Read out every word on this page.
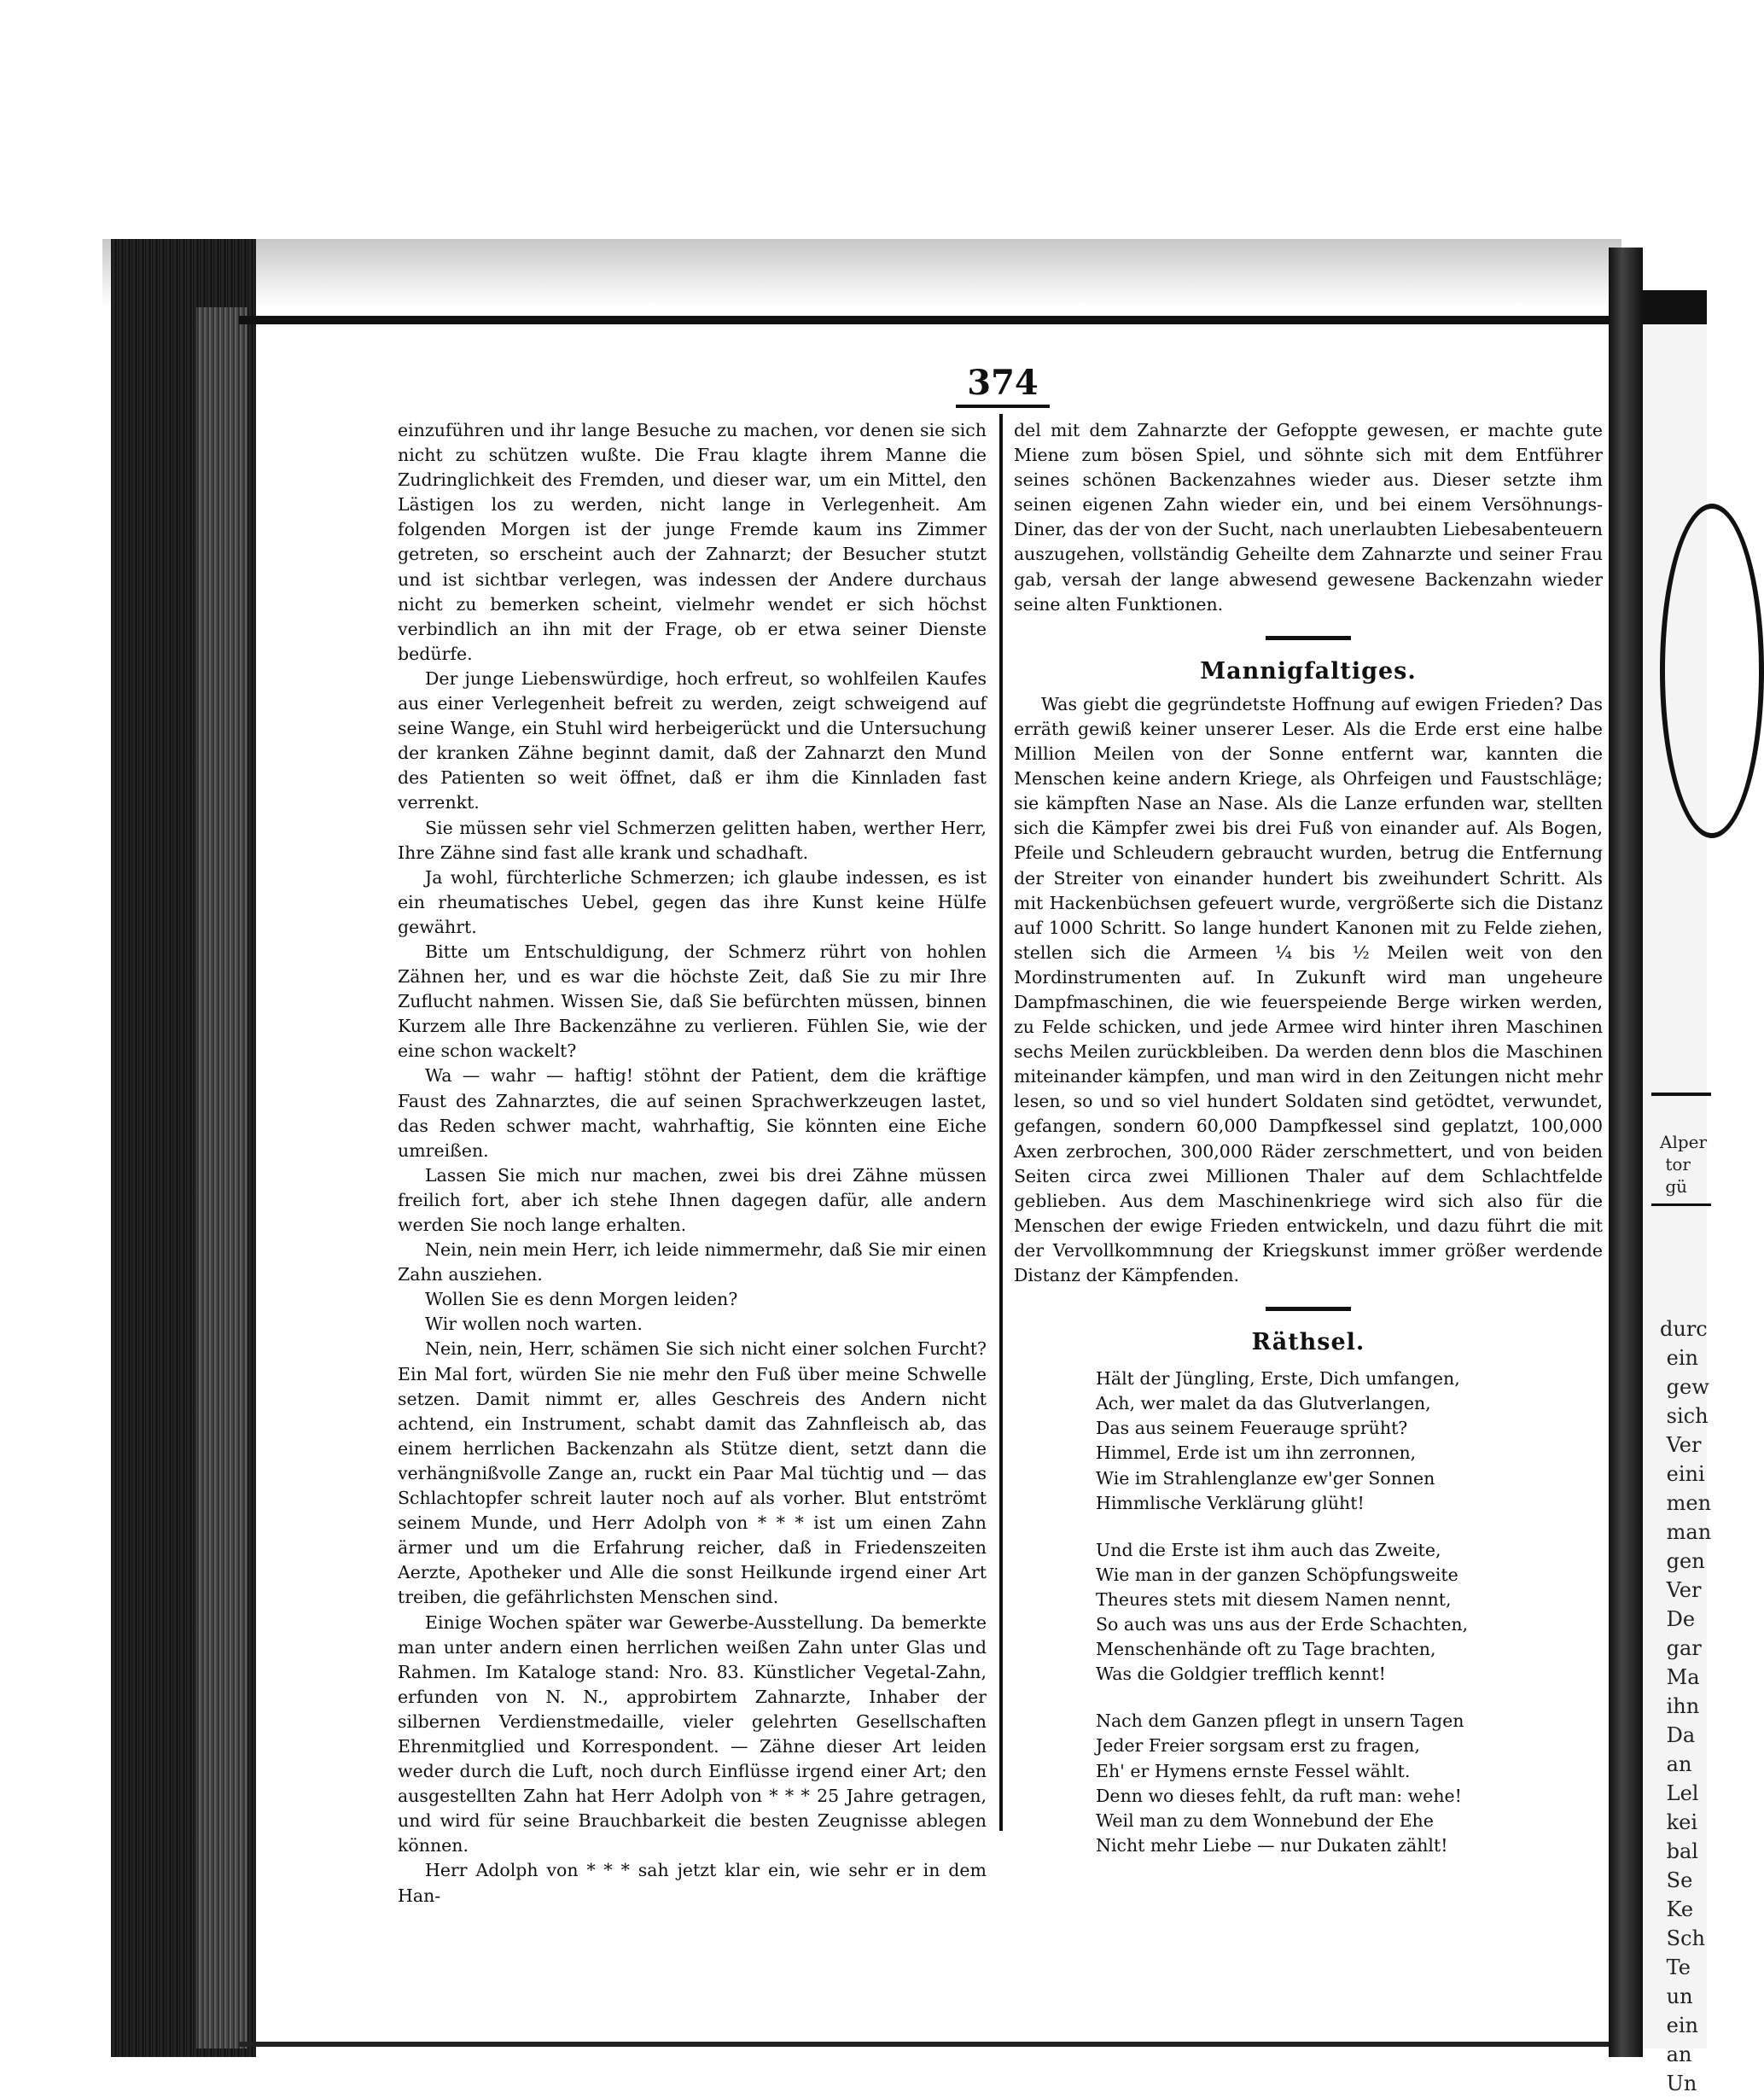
Alper
tor
gü
durc
ein
gew
sich
Ver
eini
men
man
gen
Ver
De
gar
Ma
ihn
Da
an
Lel
kei
bal
Se
Ke
Sch
Te
un
ein
an
Un
374

einzuführen und ihr lange Besuche zu machen, vor denen sie sich nicht zu schützen wußte. Die Frau klagte ihrem Manne die Zudringlichkeit des Fremden, und dieser war, um ein Mittel, den Lästigen los zu werden, nicht lange in Verlegenheit. Am folgenden Morgen ist der junge Fremde kaum ins Zimmer getreten, so erscheint auch der Zahnarzt; der Besucher stutzt und ist sichtbar verlegen, was indessen der Andere durchaus nicht zu bemerken scheint, vielmehr wendet er sich höchst verbindlich an ihn mit der Frage, ob er etwa seiner Dienste bedürfe.

Der junge Liebenswürdige, hoch erfreut, so wohlfeilen Kaufes aus einer Verlegenheit befreit zu werden, zeigt schweigend auf seine Wange, ein Stuhl wird herbeigerückt und die Untersuchung der kranken Zähne beginnt damit, daß der Zahnarzt den Mund des Patienten so weit öffnet, daß er ihm die Kinnladen fast verrenkt.

Sie müssen sehr viel Schmerzen gelitten haben, werther Herr, Ihre Zähne sind fast alle krank und schadhaft.

Ja wohl, fürchterliche Schmerzen; ich glaube indessen, es ist ein rheumatisches Uebel, gegen das ihre Kunst keine Hülfe gewährt.

Bitte um Entschuldigung, der Schmerz rührt von hohlen Zähnen her, und es war die höchste Zeit, daß Sie zu mir Ihre Zuflucht nahmen. Wissen Sie, daß Sie befürchten müssen, binnen Kurzem alle Ihre Backenzähne zu verlieren. Fühlen Sie, wie der eine schon wackelt?

Wa — wahr — haftig! stöhnt der Patient, dem die kräftige Faust des Zahnarztes, die auf seinen Sprachwerkzeugen lastet, das Reden schwer macht, wahrhaftig, Sie könnten eine Eiche umreißen.

Lassen Sie mich nur machen, zwei bis drei Zähne müssen freilich fort, aber ich stehe Ihnen dagegen dafür, alle andern werden Sie noch lange erhalten.

Nein, nein mein Herr, ich leide nimmermehr, daß Sie mir einen Zahn ausziehen.

Wollen Sie es denn Morgen leiden?

Wir wollen noch warten.

Nein, nein, Herr, schämen Sie sich nicht einer solchen Furcht? Ein Mal fort, würden Sie nie mehr den Fuß über meine Schwelle setzen. Damit nimmt er, alles Geschreis des Andern nicht achtend, ein Instrument, schabt damit das Zahnfleisch ab, das einem herrlichen Backenzahn als Stütze dient, setzt dann die verhängnißvolle Zange an, ruckt ein Paar Mal tüchtig und — das Schlachtopfer schreit lauter noch auf als vorher. Blut entströmt seinem Munde, und Herr Adolph von * * * ist um einen Zahn ärmer und um die Erfahrung reicher, daß in Friedenszeiten Aerzte, Apotheker und Alle die sonst Heilkunde irgend einer Art treiben, die gefährlichsten Menschen sind.

Einige Wochen später war Gewerbe-Ausstellung. Da bemerkte man unter andern einen herrlichen weißen Zahn unter Glas und Rahmen. Im Kataloge stand: Nro. 83. Künstlicher Vegetal-Zahn, erfunden von N. N., approbirtem Zahnarzte, Inhaber der silbernen Verdienstmedaille, vieler gelehrten Gesellschaften Ehrenmitglied und Korrespondent. — Zähne dieser Art leiden weder durch die Luft, noch durch Einflüsse irgend einer Art; den ausgestellten Zahn hat Herr Adolph von * * * 25 Jahre getragen, und wird für seine Brauchbarkeit die besten Zeugnisse ablegen können.

Herr Adolph von * * * sah jetzt klar ein, wie sehr er in dem Han-

del mit dem Zahnarzte der Gefoppte gewesen, er machte gute Miene zum bösen Spiel, und söhnte sich mit dem Entführer seines schönen Backenzahnes wieder aus. Dieser setzte ihm seinen eigenen Zahn wieder ein, und bei einem Versöhnungs-Diner, das der von der Sucht, nach unerlaubten Liebesabenteuern auszugehen, vollständig Geheilte dem Zahnarzte und seiner Frau gab, versah der lange abwesend gewesene Backenzahn wieder seine alten Funktionen.

Mannigfaltiges.

Was giebt die gegründetste Hoffnung auf ewigen Frieden? Das erräth gewiß keiner unserer Leser. Als die Erde erst eine halbe Million Meilen von der Sonne entfernt war, kannten die Menschen keine andern Kriege, als Ohrfeigen und Faustschläge; sie kämpften Nase an Nase. Als die Lanze erfunden war, stellten sich die Kämpfer zwei bis drei Fuß von einander auf. Als Bogen, Pfeile und Schleudern gebraucht wurden, betrug die Entfernung der Streiter von einander hundert bis zweihundert Schritt. Als mit Hackenbüchsen gefeuert wurde, vergrößerte sich die Distanz auf 1000 Schritt. So lange hundert Kanonen mit zu Felde ziehen, stellen sich die Armeen ¼ bis ½ Meilen weit von den Mordinstrumenten auf. In Zukunft wird man ungeheure Dampfmaschinen, die wie feuerspeiende Berge wirken werden, zu Felde schicken, und jede Armee wird hinter ihren Maschinen sechs Meilen zurückbleiben. Da werden denn blos die Maschinen miteinander kämpfen, und man wird in den Zeitungen nicht mehr lesen, so und so viel hundert Soldaten sind getödtet, verwundet, gefangen, sondern 60,000 Dampfkessel sind geplatzt, 100,000 Axen zerbrochen, 300,000 Räder zerschmettert, und von beiden Seiten circa zwei Millionen Thaler auf dem Schlachtfelde geblieben. Aus dem Maschinenkriege wird sich also für die Menschen der ewige Frieden entwickeln, und dazu führt die mit der Vervollkommnung der Kriegskunst immer größer werdende Distanz der Kämpfenden.

Räthsel.
Hält der Jüngling, Erste, Dich umfangen,
Ach, wer malet da das Glutverlangen,
Das aus seinem Feuerauge sprüht?
Himmel, Erde ist um ihn zerronnen,
Wie im Strahlenglanze ew'ger Sonnen
Himmlische Verklärung glüht!
Und die Erste ist ihm auch das Zweite,
Wie man in der ganzen Schöpfungsweite
Theures stets mit diesem Namen nennt,
So auch was uns aus der Erde Schachten,
Menschenhände oft zu Tage brachten,
Was die Goldgier trefflich kennt!
Nach dem Ganzen pflegt in unsern Tagen
Jeder Freier sorgsam erst zu fragen,
Eh' er Hymens ernste Fessel wählt.
Denn wo dieses fehlt, da ruft man: wehe!
Weil man zu dem Wonnebund der Ehe
Nicht mehr Liebe — nur Dukaten zählt!
